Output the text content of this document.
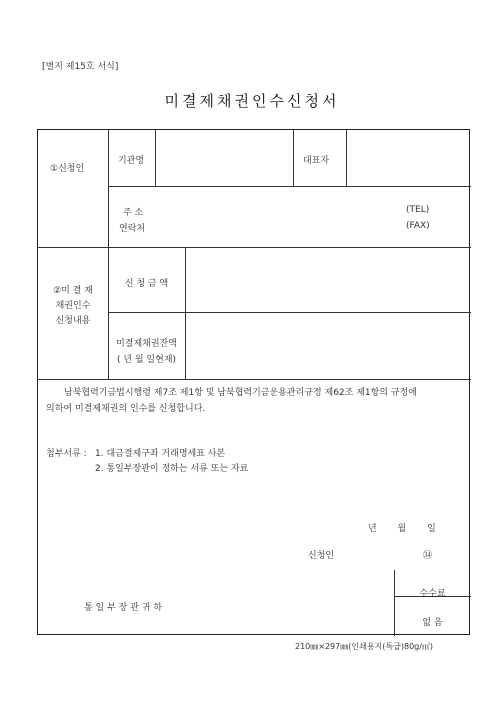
[별지 제15호 서식]
미결제채권인수신청서
①신청인
기관명	대표자
주 소
연락처
(TEL)
(FAX)
②미 결 재
채권인수
신청내용
신 청 금 액
미결제채권잔액
( 년 월 일현재)
남북협력기금법시행령 제7조 제1항 및 남북협력기금운용관리규정 제62조 제1항의 규정에
의하여 미결제채권의 인수를 신청합니다.
첨부서류 : 1. 대금결제구좌 거래명세표 사본
2. 통일부장관이 정하는 서류 또는 자료
년 월 일
신청인	㉞
통 일 부 장 관 귀 하
수수료
없 음
210㎜×297㎜(인쇄용지(특급)80g/㎡)
